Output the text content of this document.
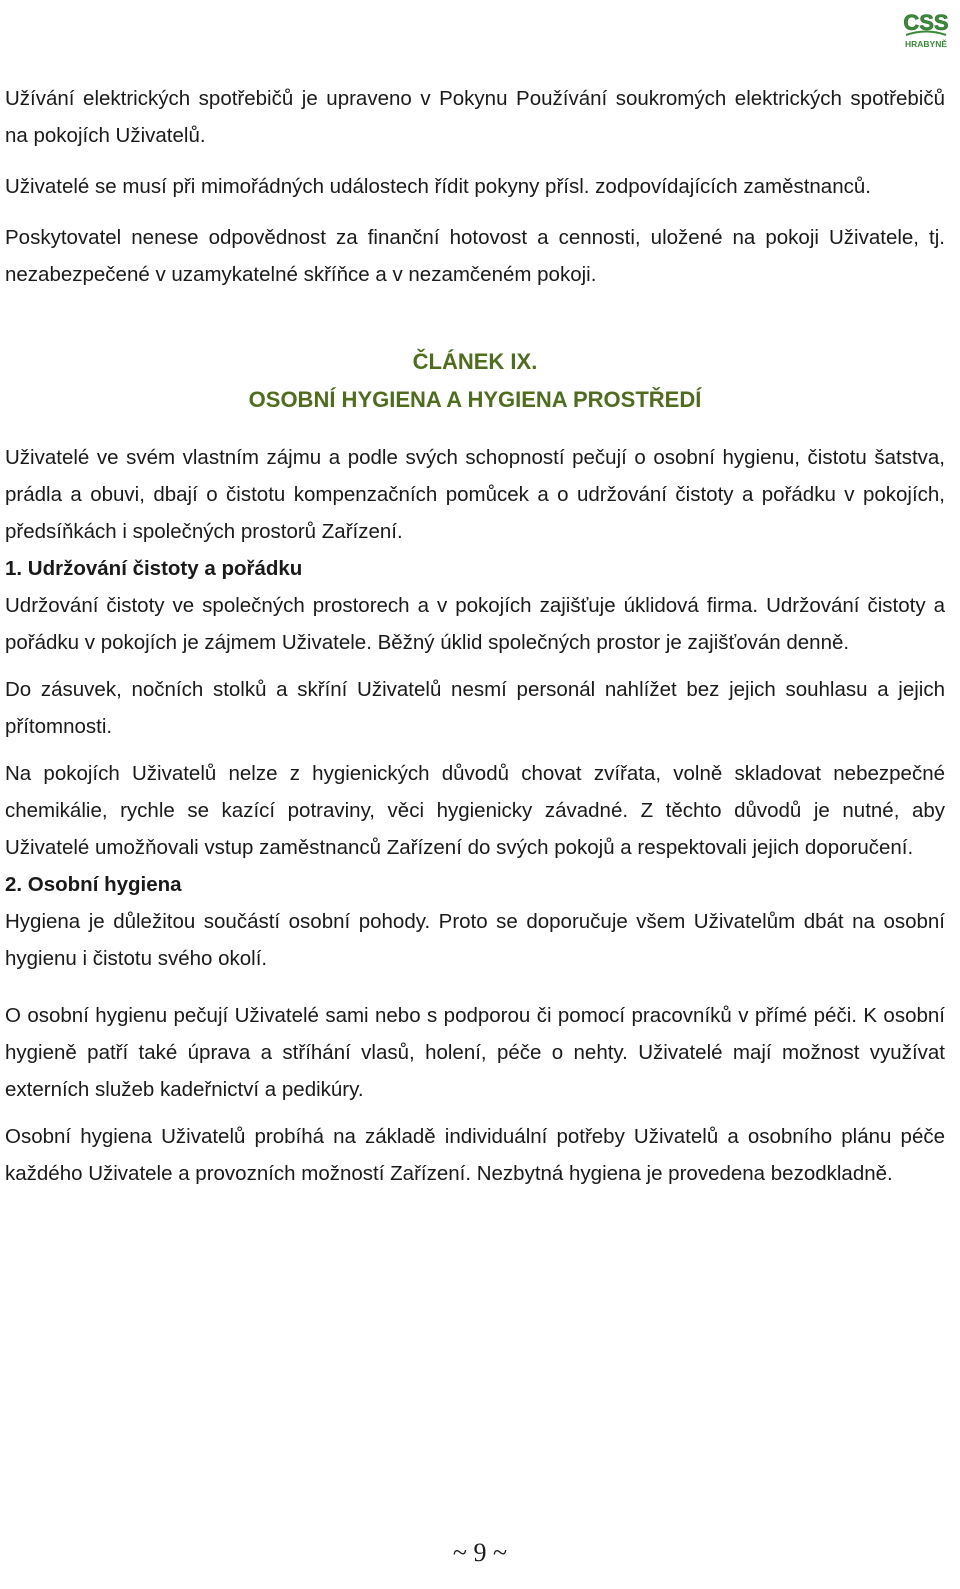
CSS
HRABYNĚ

Užívání elektrických spotřebičů je upraveno v Pokynu Používání soukromých elektrických spotřebičů na pokojích Uživatelů.

Uživatelé se musí při mimořádných událostech řídit pokyny přísl. zodpovídajících zaměstnanců.

Poskytovatel nenese odpovědnost za finanční hotovost a cennosti, uložené na pokoji Uživatele, tj. nezabezpečené v uzamykatelné skříňce a v nezamčeném pokoji.

ČLÁNEK IX.

OSOBNÍ HYGIENA A HYGIENA PROSTŘEDÍ

Uživatelé ve svém vlastním zájmu a podle svých schopností pečují o osobní hygienu, čistotu šatstva, prádla a obuvi, dbají o čistotu kompenzačních pomůcek a o udržování čistoty a pořádku v pokojích, předsíňkách i společných prostorů Zařízení.

1. Udržování čistoty a pořádku

Udržování čistoty ve společných prostorech a v pokojích zajišťuje úklidová firma. Udržování čistoty a pořádku v pokojích je zájmem Uživatele. Běžný úklid společných prostor je zajišťován denně.

Do zásuvek, nočních stolků a skříní Uživatelů nesmí personál nahlížet bez jejich souhlasu a jejich přítomnosti.

Na pokojích Uživatelů nelze z hygienických důvodů chovat zvířata, volně skladovat nebezpečné chemikálie, rychle se kazící potraviny, věci hygienicky závadné. Z těchto důvodů je nutné, aby Uživatelé umožňovali vstup zaměstnanců Zařízení do svých pokojů a respektovali jejich doporučení.

2. Osobní hygiena

Hygiena je důležitou součástí osobní pohody. Proto se doporučuje všem Uživatelům dbát na osobní hygienu i čistotu svého okolí.

O osobní hygienu pečují Uživatelé sami nebo s podporou či pomocí pracovníků v přímé péči. K osobní hygieně patří také úprava a stříhání vlasů, holení, péče o nehty. Uživatelé mají možnost využívat externích služeb kadeřnictví a pedikúry.

Osobní hygiena Uživatelů probíhá na základě individuální potřeby Uživatelů a osobního plánu péče každého Uživatele a provozních možností Zařízení. Nezbytná hygiena je provedena bezodkladně.

~ 9 ~
